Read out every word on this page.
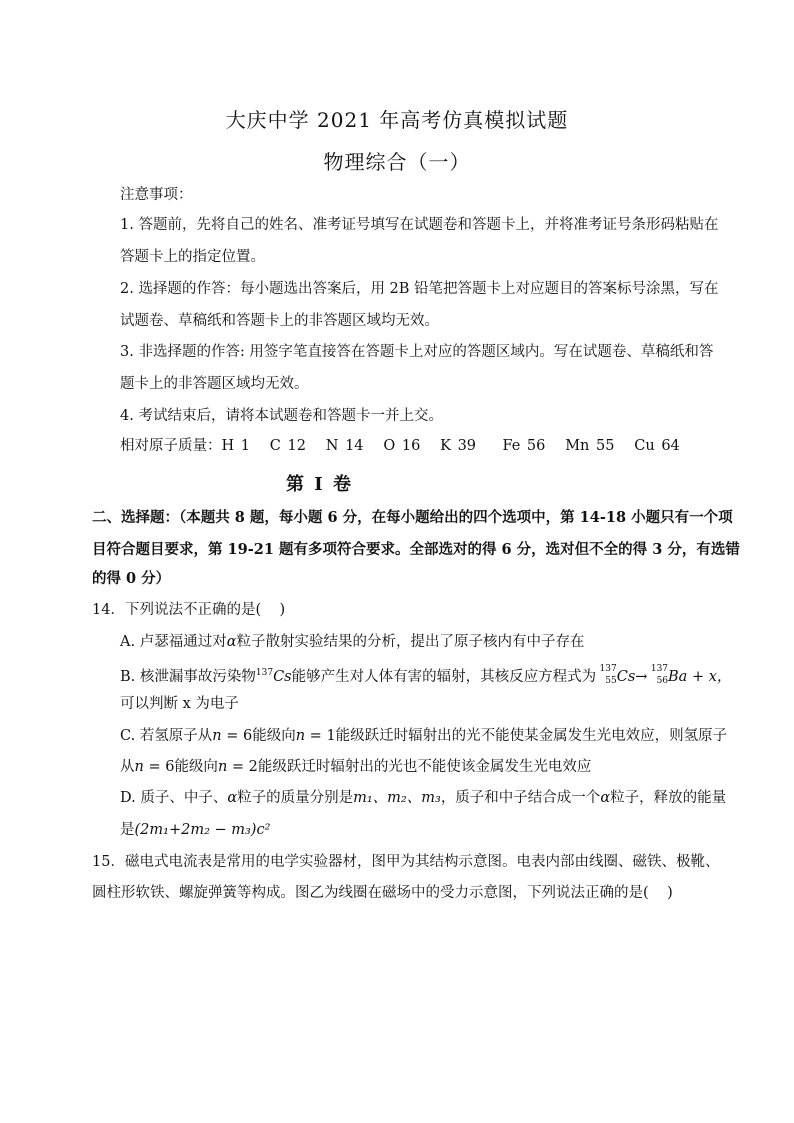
大庆中学 2021 年高考仿真模拟试题
物理综合（一）
注意事项：
1. 答题前，先将自己的姓名、准考证号填写在试题卷和答题卡上，并将准考证号条形码粘贴在
答题卡上的指定位置。
2. 选择题的作答：每小题选出答案后，用 2B 铅笔把答题卡上对应题目的答案标号涂黑，写在
试题卷、草稿纸和答题卡上的非答题区域均无效。
3. 非选择题的作答: 用签字笔直接答在答题卡上对应的答题区域内。写在试题卷、草稿纸和答
题卡上的非答题区域均无效。
4. 考试结束后，请将本试题卷和答题卡一并上交。
相对原子质量：H 1   C 12   N 14   O 16   K 39    Fe 56   Mn 55   Cu 64
第 I 卷
二、选择题：（本题共 8 题，每小题 6 分，在每小题给出的四个选项中，第 14-18 小题只有一个项
目符合题目要求，第 19-21 题有多项符合要求。全部选对的得 6 分，选对但不全的得 3 分，有选错
的得 0 分）
14．下列说法不正确的是(    )
A. 卢瑟福通过对α粒子散射实验结果的分析，提出了原子核内有中子存在
B. 核泄漏事故污染物$^{137}$Cs能够产生对人体有害的辐射，其核反应方程式为 137
55 Cs→ 137
56 Ba + x，
可以判断 x 为电子
C. 若氢原子从n = 6能级向n = 1能级跃迁时辐射出的光不能使某金属发生光电效应，则氢原子
从n = 6能级向n = 2能级跃迁时辐射出的光也不能使该金属发生光电效应
D. 质子、中子、α粒子的质量分别是m₁、m₂、m₃，质子和中子结合成一个α粒子，释放的能量
是(2m₁+2m₂ − m₃)c²
15．磁电式电流表是常用的电学实验器材，图甲为其结构示意图。电表内部由线圈、磁铁、极靴、
圆柱形软铁、螺旋弹簧等构成。图乙为线圈在磁场中的受力示意图，下列说法正确的是(    )
